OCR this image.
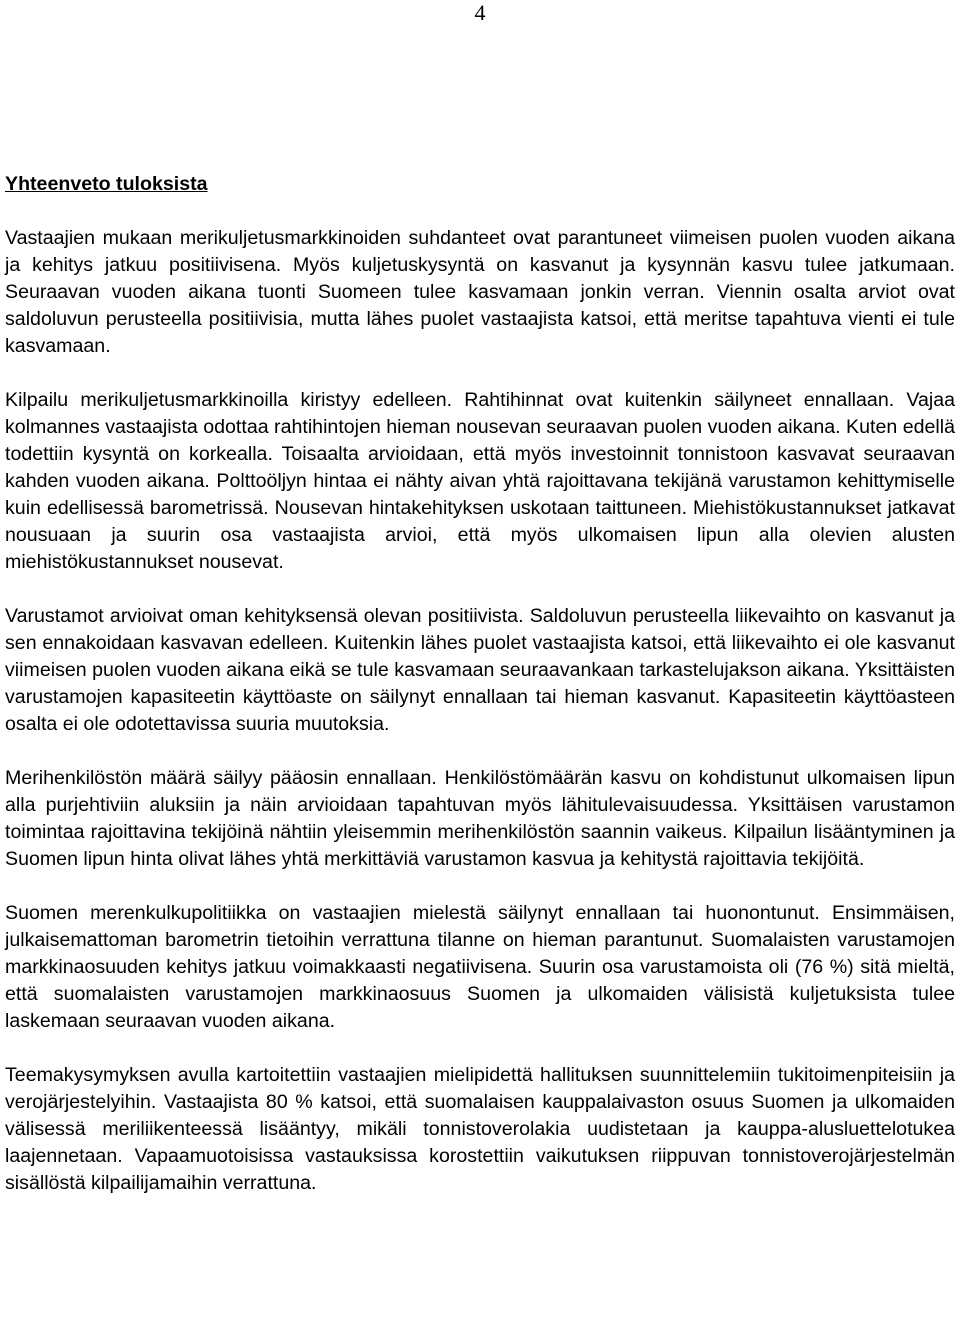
4
Yhteenveto tuloksista

Vastaajien mukaan merikuljetusmarkkinoiden suhdanteet ovat parantuneet viimeisen puolen vuoden aikana ja kehitys jatkuu positiivisena. Myös kuljetuskysyntä on kasvanut ja kysynnän kasvu tulee jatkumaan. Seuraavan vuoden aikana tuonti Suomeen tulee kasvamaan jonkin verran. Viennin osalta arviot ovat saldoluvun perusteella positiivisia, mutta lähes puolet vastaajista katsoi, että meritse tapahtuva vienti ei tule kasvamaan.

Kilpailu merikuljetusmarkkinoilla kiristyy edelleen. Rahtihinnat ovat kuitenkin säilyneet ennallaan. Vajaa kolmannes vastaajista odottaa rahtihintojen hieman nousevan seuraavan puolen vuoden aikana. Kuten edellä todettiin kysyntä on korkealla. Toisaalta arvioidaan, että myös investoinnit tonnistoon kasvavat seuraavan kahden vuoden aikana. Polttoöljyn hintaa ei nähty aivan yhtä rajoittavana tekijänä varustamon kehittymiselle kuin edellisessä barometrissä. Nousevan hintakehityksen uskotaan taittuneen. Miehistökustannukset jatkavat nousuaan ja suurin osa vastaajista arvioi, että myös ulkomaisen lipun alla olevien alusten miehistökustannukset nousevat.

Varustamot arvioivat oman kehityksensä olevan positiivista. Saldoluvun perusteella liikevaihto on kasvanut ja sen ennakoidaan kasvavan edelleen. Kuitenkin lähes puolet vastaajista katsoi, että liikevaihto ei ole kasvanut viimeisen puolen vuoden aikana eikä se tule kasvamaan seuraavankaan tarkastelujakson aikana. Yksittäisten varustamojen kapasiteetin käyttöaste on säilynyt ennallaan tai hieman kasvanut. Kapasiteetin käyttöasteen osalta ei ole odotettavissa suuria muutoksia.

Merihenkilöstön määrä säilyy pääosin ennallaan. Henkilöstömäärän kasvu on kohdistunut ulkomaisen lipun alla purjehtiviin aluksiin ja näin arvioidaan tapahtuvan myös lähitulevaisuudessa. Yksittäisen varustamon toimintaa rajoittavina tekijöinä nähtiin yleisemmin merihenkilöstön saannin vaikeus. Kilpailun lisääntyminen ja Suomen lipun hinta olivat lähes yhtä merkittäviä varustamon kasvua ja kehitystä rajoittavia tekijöitä.

Suomen merenkulkupolitiikka on vastaajien mielestä säilynyt ennallaan tai huonontunut. Ensimmäisen, julkaisemattoman barometrin tietoihin verrattuna tilanne on hieman parantunut. Suomalaisten varustamojen markkinaosuuden kehitys jatkuu voimakkaasti negatiivisena. Suurin osa varustamoista oli (76 %) sitä mieltä, että suomalaisten varustamojen markkinaosuus Suomen ja ulkomaiden välisistä kuljetuksista tulee laskemaan seuraavan vuoden aikana.

Teemakysymyksen avulla kartoitettiin vastaajien mielipidettä hallituksen suunnittelemiin tukitoimenpiteisiin ja verojärjestelyihin. Vastaajista 80 % katsoi, että suomalaisen kauppalaivaston osuus Suomen ja ulkomaiden välisessä meriliikenteessä lisääntyy, mikäli tonnistoverolakia uudistetaan ja kauppa-alusluettelotukea laajennetaan. Vapaamuotoisissa vastauksissa korostettiin vaikutuksen riippuvan tonnistoverojärjestelmän sisällöstä kilpailijamaihin verrattuna.
